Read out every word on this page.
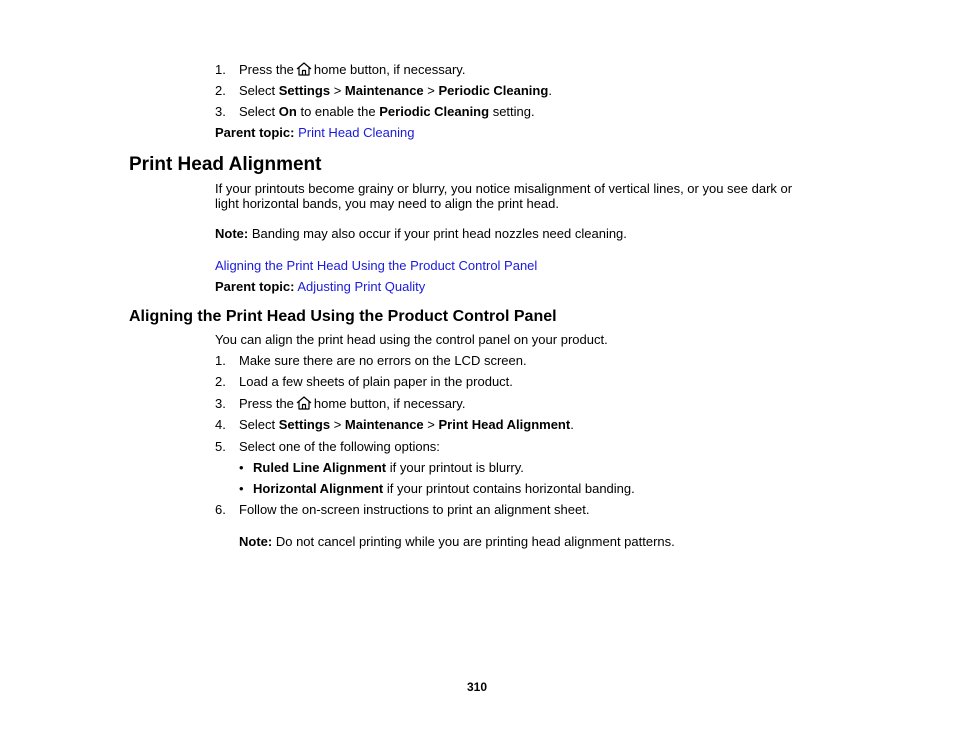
1.	Press the home button, if necessary.
2.	Select Settings > Maintenance > Periodic Cleaning.
3.	Select On to enable the Periodic Cleaning setting.
Parent topic: Print Head Cleaning
Print Head Alignment
If your printouts become grainy or blurry, you notice misalignment of vertical lines, or you see dark or
light horizontal bands, you may need to align the print head.
Note: Banding may also occur if your print head nozzles need cleaning.
Aligning the Print Head Using the Product Control Panel
Parent topic: Adjusting Print Quality
Aligning the Print Head Using the Product Control Panel
You can align the print head using the control panel on your product.
1.	Make sure there are no errors on the LCD screen.
2.	Load a few sheets of plain paper in the product.
3.	Press the home button, if necessary.
4.	Select Settings > Maintenance > Print Head Alignment.
5.	Select one of the following options:
• Ruled Line Alignment if your printout is blurry.
• Horizontal Alignment if your printout contains horizontal banding.
6.	Follow the on-screen instructions to print an alignment sheet.
Note: Do not cancel printing while you are printing head alignment patterns.
310
